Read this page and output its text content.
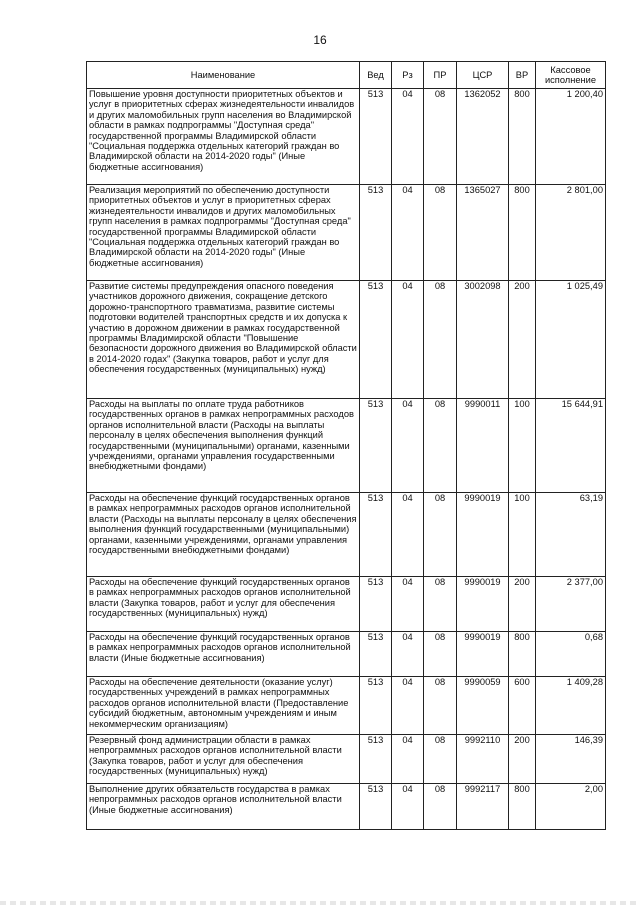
16
Наименование	Вед	Рз	ПР	ЦСР	ВР	Кассовое исполнение
Повышение уровня доступности приоритетных объектов и услуг в приоритетных сферах жизнедеятельности инвалидов и других маломобильных групп населения во Владимирской области в рамках подпрограммы "Доступная среда" государственной программы Владимирской области "Социальная поддержка отдельных категорий граждан во Владимирской области на 2014-2020 годы" (Иные бюджетные ассигнования)	513	04	08	1362052	800	1 200,40
Реализация мероприятий по обеспечению доступности приоритетных объектов и услуг в приоритетных сферах жизнедеятельности инвалидов и других маломобильных групп населения в рамках подпрограммы "Доступная среда" государственной программы Владимирской области "Социальная поддержка отдельных категорий граждан во Владимирской области на 2014-2020 годы" (Иные бюджетные ассигнования)	513	04	08	1365027	800	2 801,00
Развитие системы предупреждения опасного поведения участников дорожного движения, сокращение детского дорожно-транспортного травматизма, развитие системы подготовки водителей транспортных средств и их допуска к участию в дорожном движении в рамках государственной программы Владимирской области "Повышение безопасности дорожного движения во Владимирской области в 2014-2020 годах" (Закупка товаров, работ и услуг для обеспечения государственных (муниципальных) нужд)	513	04	08	3002098	200	1 025,49
Расходы на выплаты по оплате труда работников государственных органов в рамках непрограммных расходов органов исполнительной власти (Расходы на выплаты персоналу в целях обеспечения выполнения функций государственными (муниципальными) органами, казенными учреждениями, органами управления государственными внебюджетными фондами)	513	04	08	9990011	100	15 644,91
Расходы на обеспечение функций государственных органов в рамках непрограммных расходов органов исполнительной власти (Расходы на выплаты персоналу в целях обеспечения выполнения функций государственными (муниципальными) органами, казенными учреждениями, органами управления государственными внебюджетными фондами)	513	04	08	9990019	100	63,19
Расходы на обеспечение функций государственных органов в рамках непрограммных расходов органов исполнительной власти (Закупка товаров, работ и услуг для обеспечения государственных (муниципальных) нужд)	513	04	08	9990019	200	2 377,00
Расходы на обеспечение функций государственных органов в рамках непрограммных расходов органов исполнительной власти (Иные бюджетные ассигнования)	513	04	08	9990019	800	0,68
Расходы на обеспечение деятельности (оказание услуг) государственных учреждений в рамках непрограммных расходов органов исполнительной власти (Предоставление субсидий бюджетным, автономным учреждениям и иным некоммерческим организациям)	513	04	08	9990059	600	1 409,28
Резервный фонд администрации области в рамках непрограммных расходов органов исполнительной власти (Закупка товаров, работ и услуг для обеспечения государственных (муниципальных) нужд)	513	04	08	9992110	200	146,39
Выполнение других обязательств государства в рамках непрограммных расходов органов исполнительной власти (Иные бюджетные ассигнования)	513	04	08	9992117	800	2,00
